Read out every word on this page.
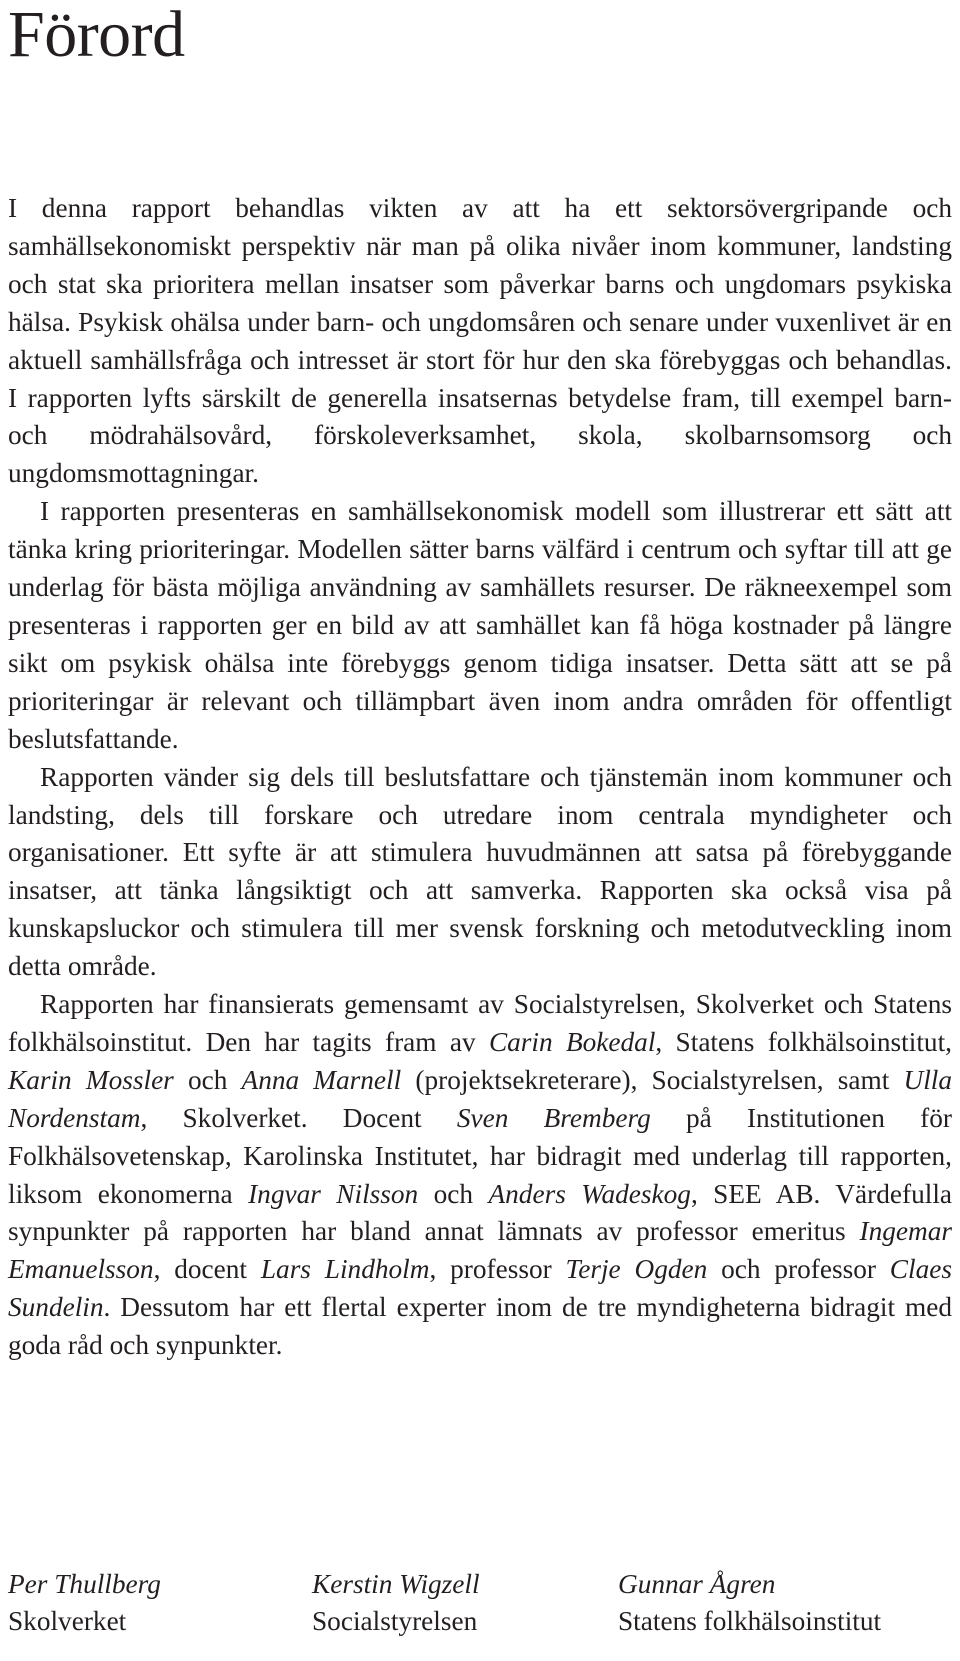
Förord

I denna rapport behandlas vikten av att ha ett sektorsövergripande och samhällsekonomiskt perspektiv när man på olika nivåer inom kommuner, landsting och stat ska prioritera mellan insatser som påverkar barns och ungdomars psykiska hälsa. Psykisk ohälsa under barn- och ungdomsåren och senare under vuxenlivet är en aktuell samhällsfråga och intresset är stort för hur den ska förebyggas och behandlas. I rapporten lyfts särskilt de generella insatsernas betydelse fram, till exempel barn- och mödrahälsovård, förskoleverksamhet, skola, skolbarnsomsorg och ungdomsmottagningar.

I rapporten presenteras en samhällsekonomisk modell som illustrerar ett sätt att tänka kring prioriteringar. Modellen sätter barns välfärd i centrum och syftar till att ge underlag för bästa möjliga användning av samhällets resurser. De räkneexempel som presenteras i rapporten ger en bild av att samhället kan få höga kostnader på längre sikt om psykisk ohälsa inte förebyggs genom tidiga insatser. Detta sätt att se på prioriteringar är relevant och tillämpbart även inom andra områden för offentligt beslutsfattande.

Rapporten vänder sig dels till beslutsfattare och tjänstemän inom kommuner och landsting, dels till forskare och utredare inom centrala myndigheter och organisationer. Ett syfte är att stimulera huvudmännen att satsa på förebyggande insatser, att tänka långsiktigt och att samverka. Rapporten ska också visa på kunskapsluckor och stimulera till mer svensk forskning och metodutveckling inom detta område.

Rapporten har finansierats gemensamt av Socialstyrelsen, Skolverket och Statens folkhälsoinstitut. Den har tagits fram av Carin Bokedal, Statens folkhälsoinstitut, Karin Mossler och Anna Marnell (projektsekreterare), Socialstyrelsen, samt Ulla Nordenstam, Skolverket. Docent Sven Bremberg på Institutionen för Folkhälsovetenskap, Karolinska Institutet, har bidragit med underlag till rapporten, liksom ekonomerna Ingvar Nilsson och Anders Wadeskog, SEE AB. Värdefulla synpunkter på rapporten har bland annat lämnats av professor emeritus Ingemar Emanuelsson, docent Lars Lindholm, professor Terje Ogden och professor Claes Sundelin. Dessutom har ett flertal experter inom de tre myndigheterna bidragit med goda råd och synpunkter.

Per Thullberg
Skolverket
Kerstin Wigzell
Socialstyrelsen
Gunnar Ågren
Statens folkhälsoinstitut
